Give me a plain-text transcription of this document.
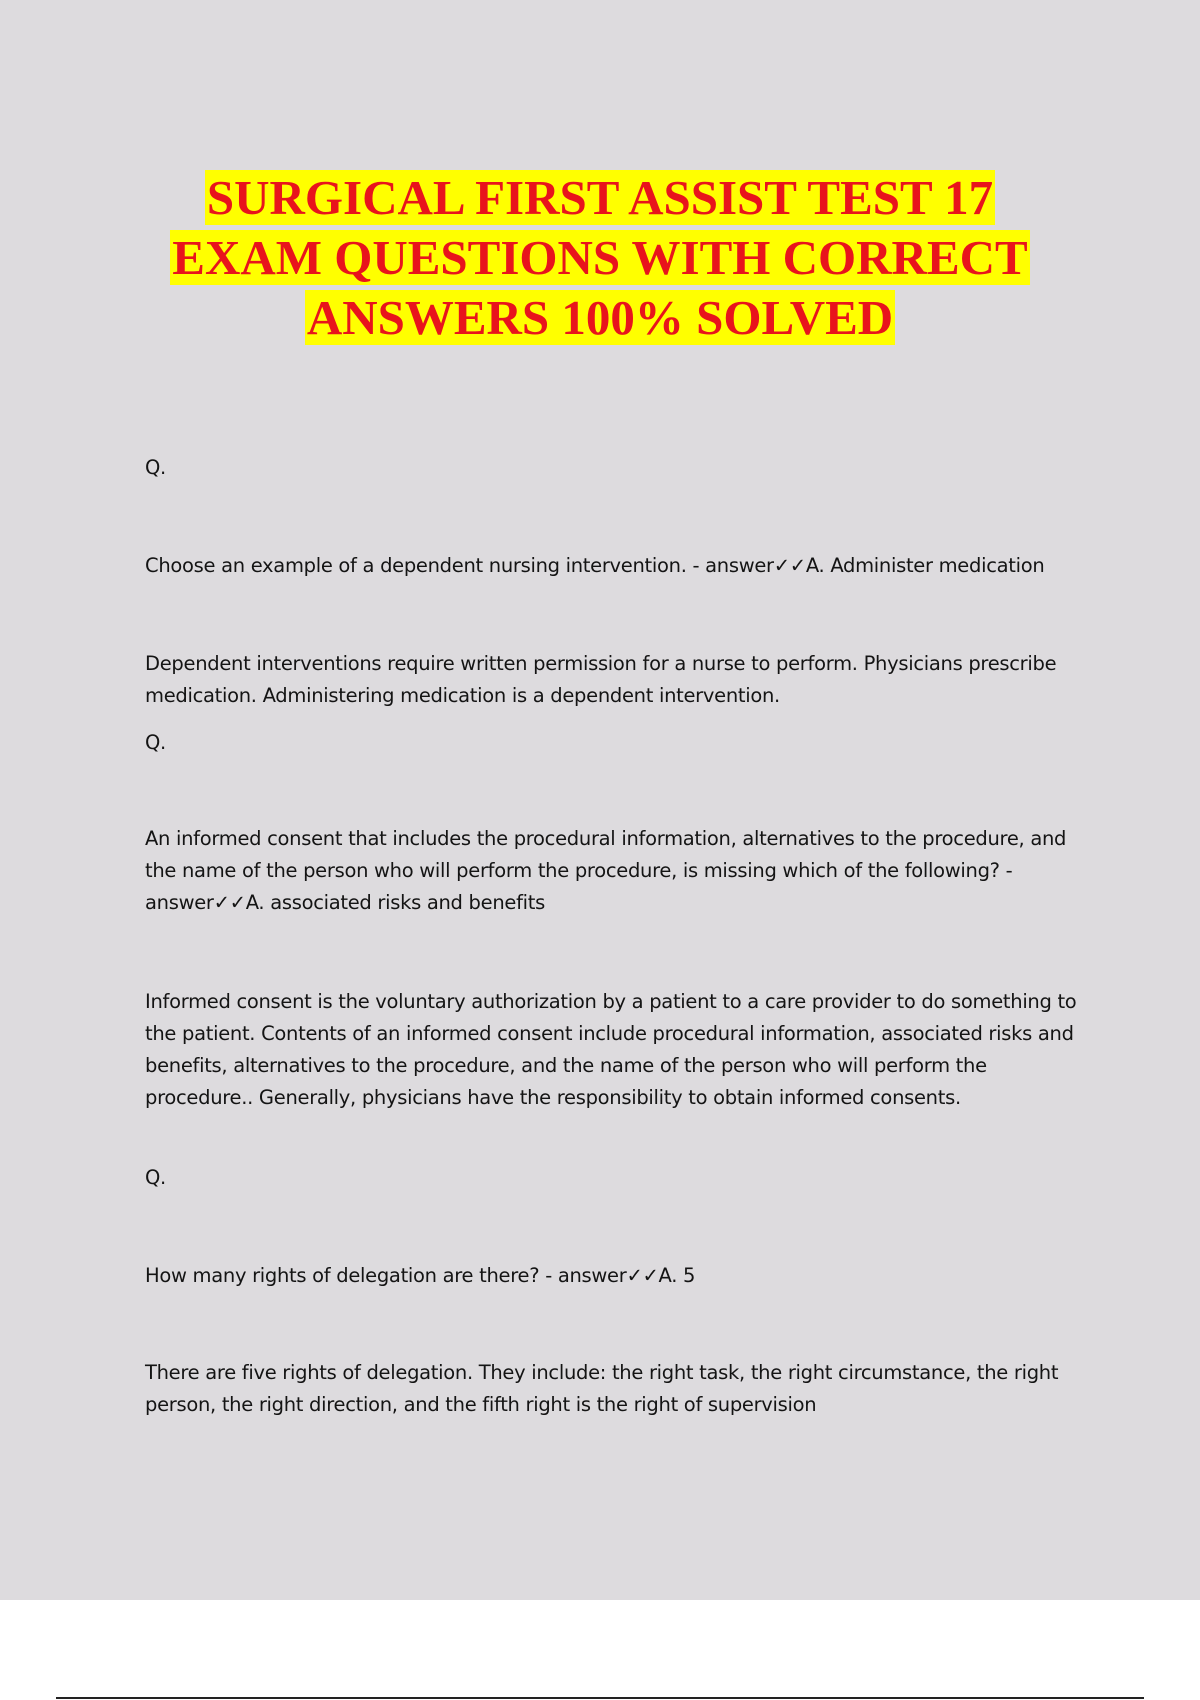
SURGICAL FIRST ASSIST TEST 17
EXAM QUESTIONS WITH CORRECT
ANSWERS 100% SOLVED

Q.

Choose an example of a dependent nursing intervention. - answer✓✓A. Administer medication

Dependent interventions require written permission for a nurse to perform. Physicians prescribe medication. Administering medication is a dependent intervention.

Q.

An informed consent that includes the procedural information, alternatives to the procedure, and the name of the person who will perform the procedure, is missing which of the following? - answer✓✓A. associated risks and benefits

Informed consent is the voluntary authorization by a patient to a care provider to do something to the patient. Contents of an informed consent include procedural information, associated risks and benefits, alternatives to the procedure, and the name of the person who will perform the procedure.. Generally, physicians have the responsibility to obtain informed consents.

Q.

How many rights of delegation are there? - answer✓✓A. 5

There are five rights of delegation. They include: the right task, the right circumstance, the right person, the right direction, and the fifth right is the right of supervision
